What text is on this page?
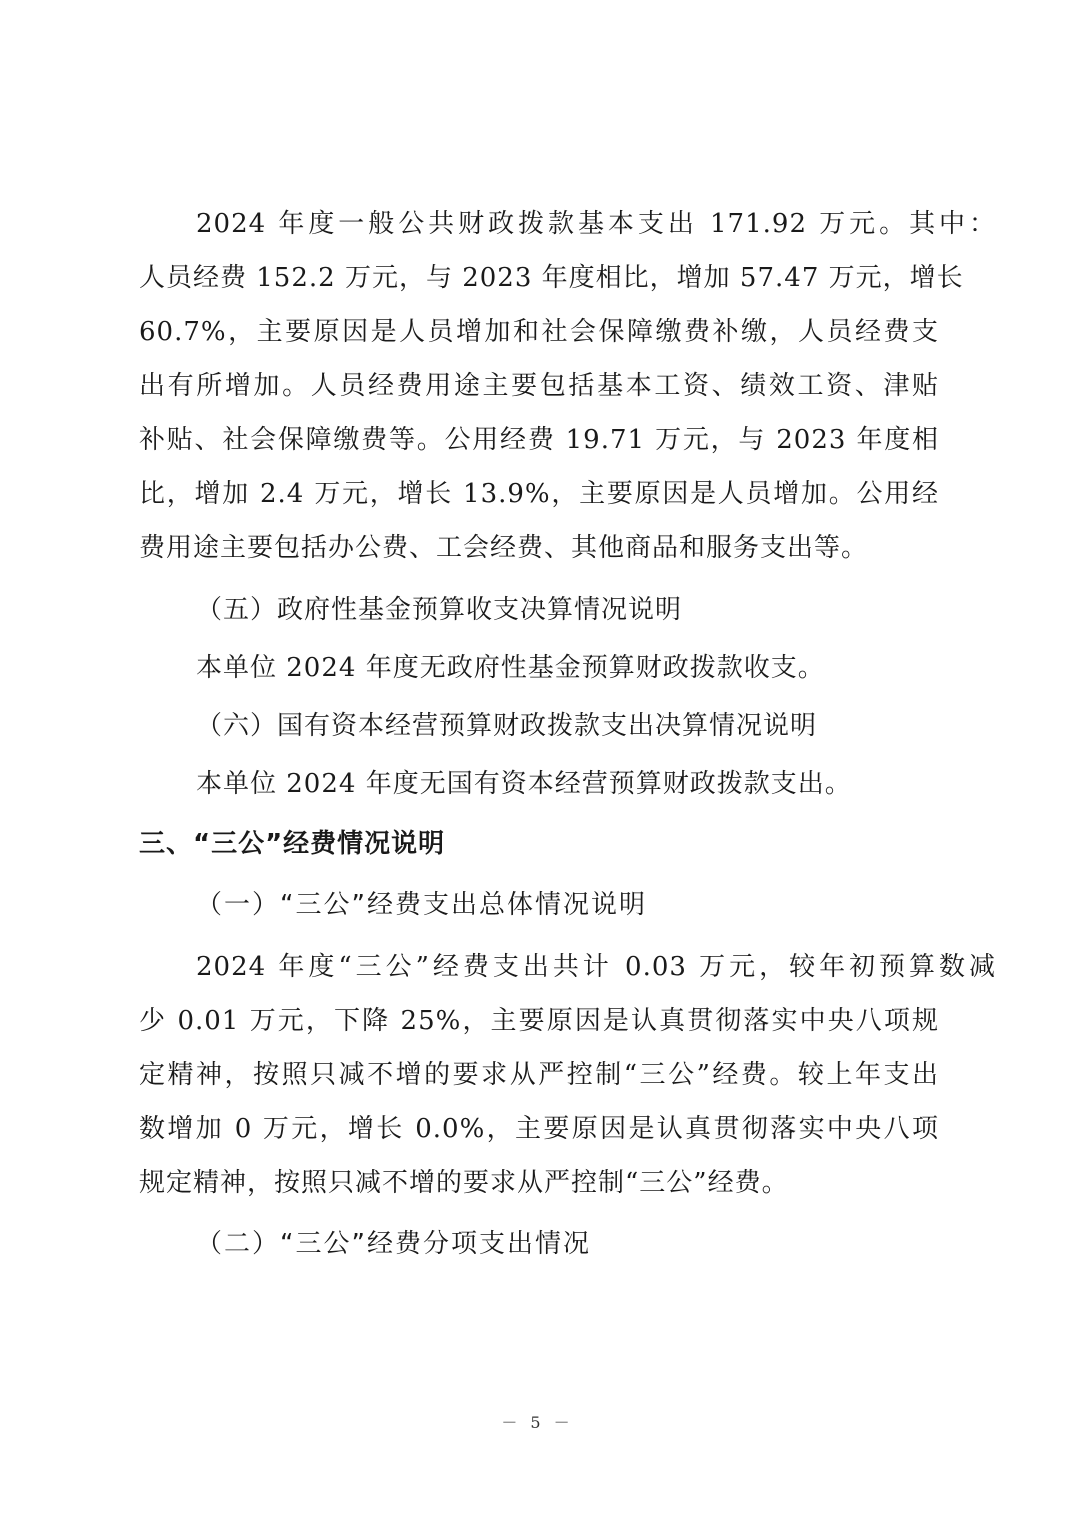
2024 年度一般公共财政拨款基本支出 171.92 万元。其中：
人员经费 152.2 万元，与 2023 年度相比，增加 57.47 万元，增长
60.7%，主要原因是人员增加和社会保障缴费补缴，人员经费支
出有所增加。人员经费用途主要包括基本工资、绩效工资、津贴
补贴、社会保障缴费等。公用经费 19.71 万元，与 2023 年度相
比，增加 2.4 万元，增长 13.9%，主要原因是人员增加。公用经
费用途主要包括办公费、工会经费、其他商品和服务支出等。
（五）政府性基金预算收支决算情况说明
本单位 2024 年度无政府性基金预算财政拨款收支。
（六）国有资本经营预算财政拨款支出决算情况说明
本单位 2024 年度无国有资本经营预算财政拨款支出。
三、“三公”经费情况说明
（一）“三公”经费支出总体情况说明
2024 年度“三公”经费支出共计 0.03 万元，较年初预算数减
少 0.01 万元，下降 25%，主要原因是认真贯彻落实中央八项规
定精神，按照只减不增的要求从严控制“三公”经费。较上年支出
数增加 0 万元，增长 0.0%，主要原因是认真贯彻落实中央八项
规定精神，按照只减不增的要求从严控制“三公”经费。
（二）“三公”经费分项支出情况
－ 5 －
